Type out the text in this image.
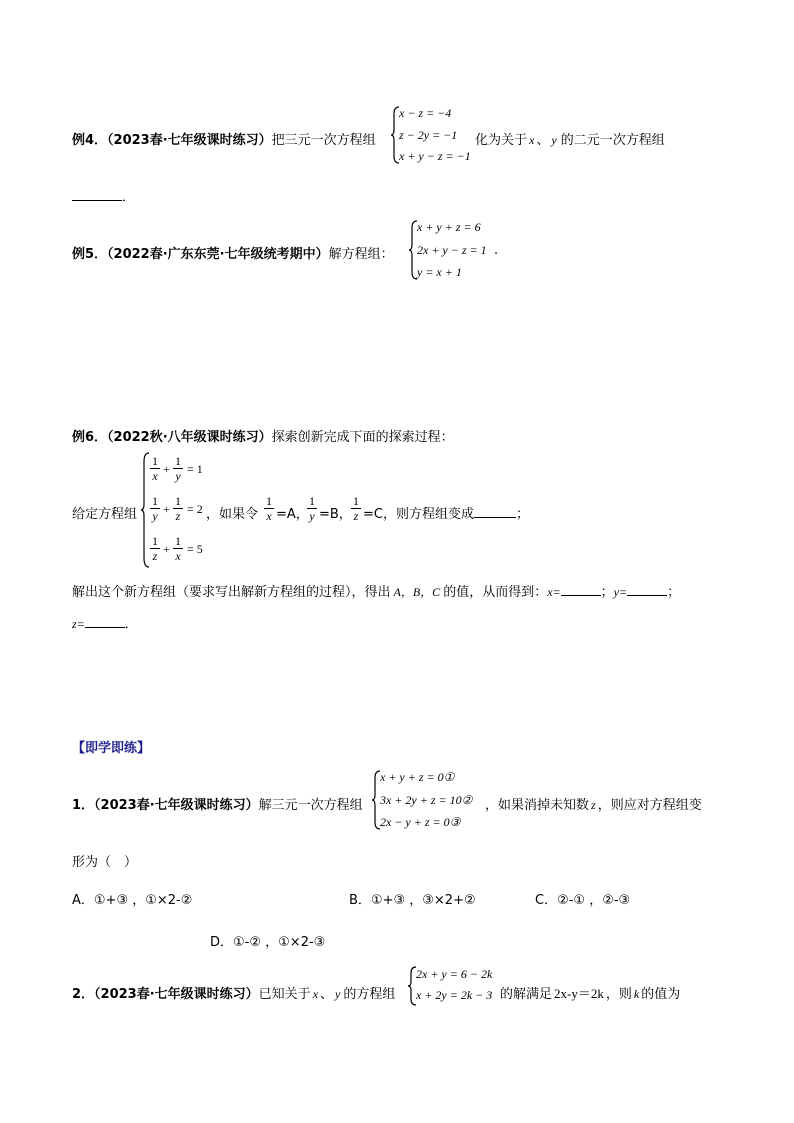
例4．（2023春·七年级课时练习）把三元一次方程组
x − z = −4
z − 2y = −1
x + y − z = −1
化为关于 x 、 y 的二元一次方程组
．
例5．（2022春·广东东莞·七年级统考期中）解方程组：
x + y + z = 6
2x + y − z = 1
y = x + 1
.
例6．（2022秋·八年级课时练习）探索创新完成下面的探索过程：
给定方程组
1
x +
1
y = 1
1
y +
1
z = 2
1
z +
1
x = 5
，如果令
1
x =A，
1
y =B，
1
z =C，则方程组变成	；
解出这个新方程组（要求写出解新方程组的过程），得出 A，B，C 的值，从而得到：x=	；y=	；
z=	．
【即学即练】
1．（2023春·七年级课时练习）解三元一次方程组
x + y + z = 0①
3x + 2y + z = 10②
2x − y + z = 0③
，如果消掉未知数 z ，则应对方程组变
形为（　）
A．①+③ ，①×2-②	B．①+③ ，③×2+②	C．②-① ，②-③
D．①-② ，①×2-③
2．（2023春·七年级课时练习）已知关于 x 、 y 的方程组
2x + y = 6 − 2k
x + 2y = 2k − 3 的解满足 2x-y＝2k ，则 k 的值为
